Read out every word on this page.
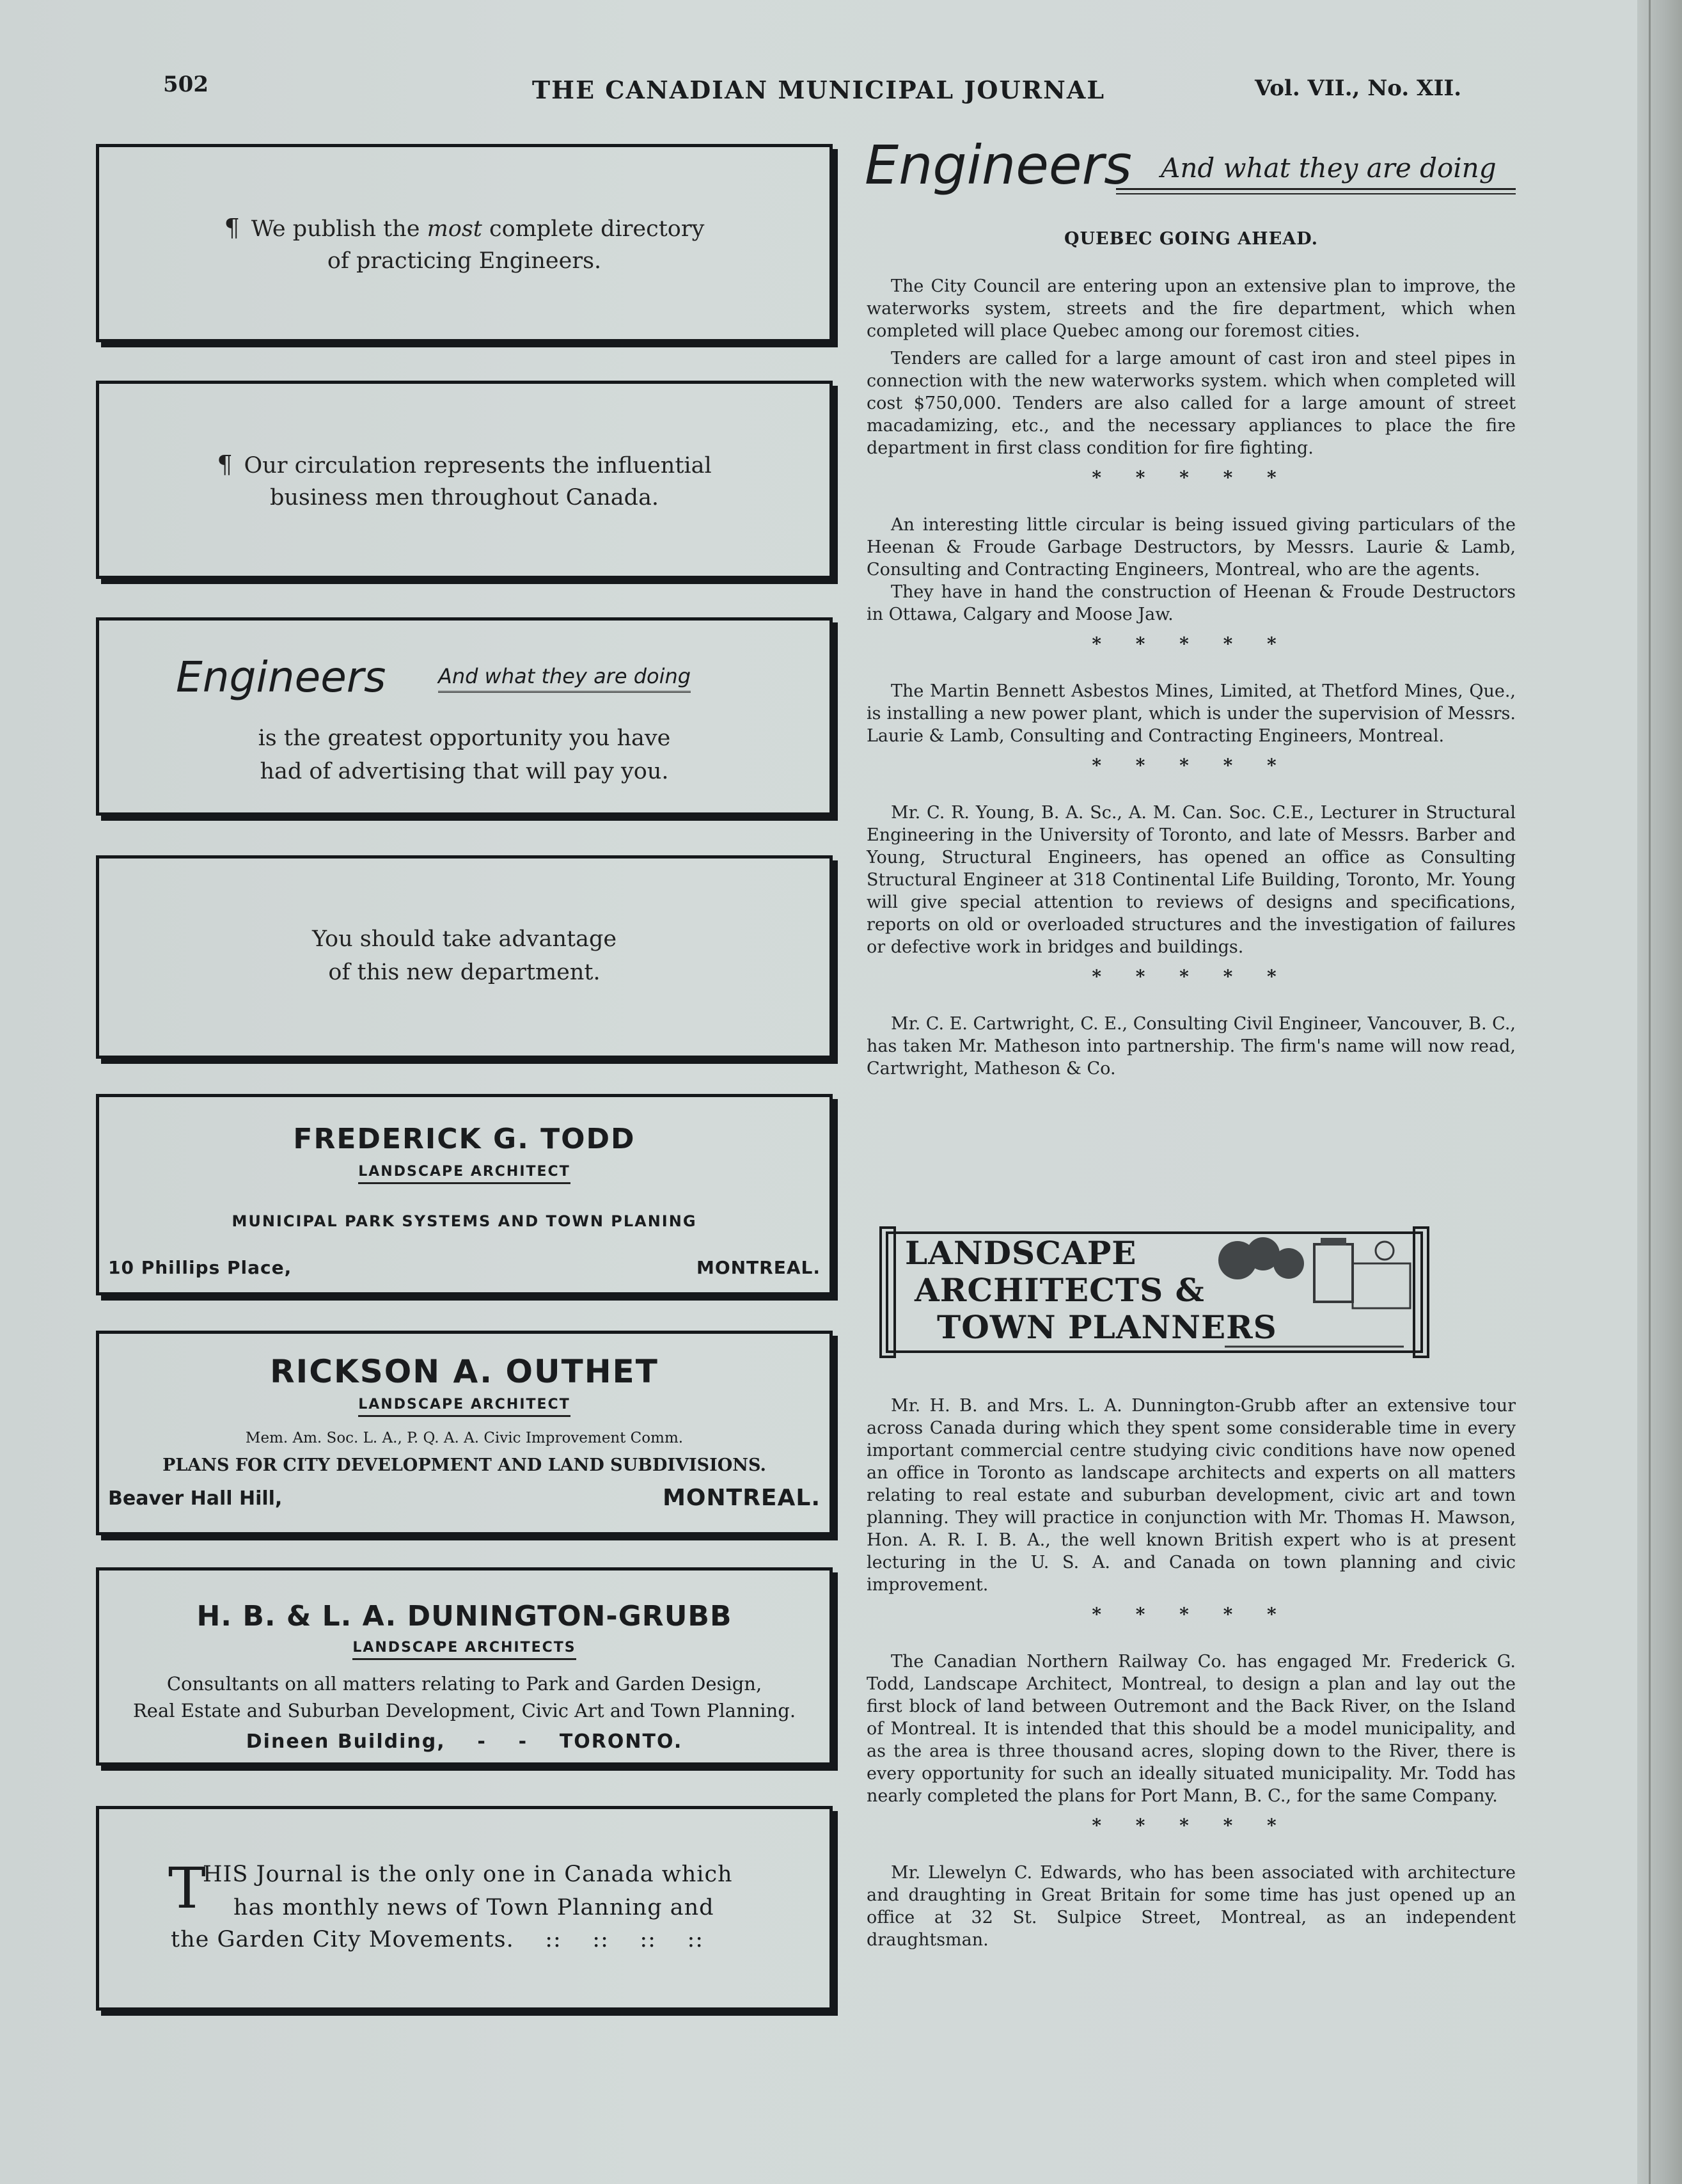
502	THE CANADIAN MUNICIPAL JOURNAL	Vol. VII., No. XII.
¶ We publish the most complete directory
of practicing Engineers.
¶ Our circulation represents the influential
business men throughout Canada.
Engineers	And what they are doing
is the greatest opportunity you have
had of advertising that will pay you.
You should take advantage
of this new department.
FREDERICK G. TODD
LANDSCAPE ARCHITECT
MUNICIPAL PARK SYSTEMS AND TOWN PLANING
10 Phillips Place,	MONTREAL.
RICKSON A. OUTHET
LANDSCAPE ARCHITECT
Mem. Am. Soc. L. A., P. Q. A. A. Civic Improvement Comm.
PLANS FOR CITY DEVELOPMENT AND LAND SUBDIVISIONS.
Beaver Hall Hill,	MONTREAL.
H. B. & L. A. DUNINGTON-GRUBB
LANDSCAPE ARCHITECTS
Consultants on all matters relating to Park and Garden Design,
Real Estate and Suburban Development, Civic Art and Town Planning.
Dineen Building,    -    -    TORONTO.
T
HIS Journal is the only one in Canada which
has monthly news of Town Planning and
the Garden City Movements.    ::    ::    ::    ::
Engineers And what they are doing
QUEBEC GOING AHEAD.

The City Council are entering upon an extensive plan to improve, the waterworks system, streets and the fire department, which when completed will place Quebec among our foremost cities.

Tenders are called for a large amount of cast iron and steel pipes in connection with the new waterworks system. which when completed will cost $750,000. Tenders are also called for a large amount of street macadamizing, etc., and the necessary appliances to place the fire department in first class condition for fire fighting.

* * * * *

An interesting little circular is being issued giving particulars of the Heenan & Froude Garbage Destructors, by Messrs. Laurie & Lamb, Consulting and Contracting Engineers, Montreal, who are the agents.

They have in hand the construction of Heenan & Froude Destructors in Ottawa, Calgary and Moose Jaw.

* * * * *

The Martin Bennett Asbestos Mines, Limited, at Thetford Mines, Que., is installing a new power plant, which is under the supervision of Messrs. Laurie & Lamb, Consulting and Contracting Engineers, Montreal.

* * * * *

Mr. C. R. Young, B. A. Sc., A. M. Can. Soc. C.E., Lecturer in Structural Engineering in the University of Toronto, and late of Messrs. Barber and Young, Structural Engineers, has opened an office as Consulting Structural Engineer at 318 Continental Life Building, Toronto, Mr. Young will give special attention to reviews of designs and specifications, reports on old or overloaded structures and the investigation of failures or defective work in bridges and buildings.

* * * * *

Mr. C. E. Cartwright, C. E., Consulting Civil Engineer, Vancouver, B. C., has taken Mr. Matheson into partnership. The firm's name will now read, Cartwright, Matheson & Co.

LANDSCAPE
ARCHITECTS &
TOWN PLANNERS

Mr. H. B. and Mrs. L. A. Dunnington-Grubb after an extensive tour across Canada during which they spent some considerable time in every important commercial centre studying civic conditions have now opened an office in Toronto as landscape architects and experts on all matters relating to real estate and suburban development, civic art and town planning. They will practice in conjunction with Mr. Thomas H. Mawson, Hon. A. R. I. B. A., the well known British expert who is at present lecturing in the U. S. A. and Canada on town planning and civic improvement.

* * * * *

The Canadian Northern Railway Co. has engaged Mr. Frederick G. Todd, Landscape Architect, Montreal, to design a plan and lay out the first block of land between Outremont and the Back River, on the Island of Montreal. It is intended that this should be a model municipality, and as the area is three thousand acres, sloping down to the River, there is every opportunity for such an ideally situated municipality. Mr. Todd has nearly completed the plans for Port Mann, B. C., for the same Company.

* * * * *

Mr. Llewelyn C. Edwards, who has been associated with architecture and draughting in Great Britain for some time has just opened up an office at 32 St. Sulpice Street, Montreal, as an independent draughtsman.
